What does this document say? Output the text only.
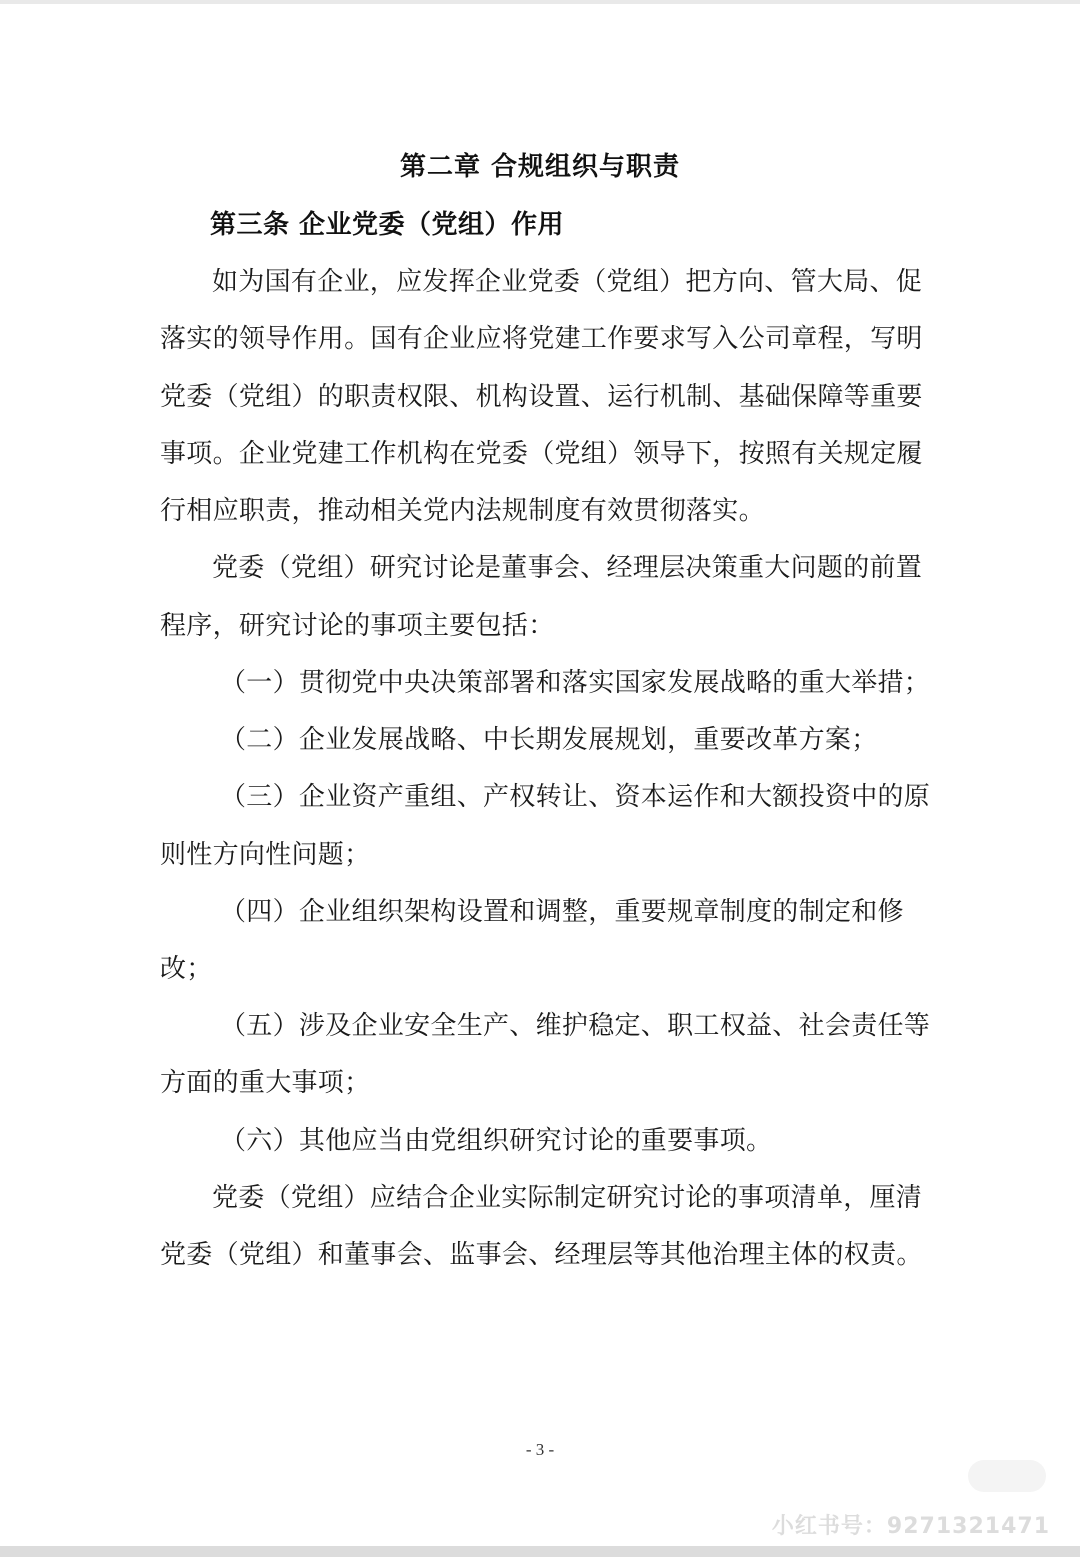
第二章 合规组织与职责
第三条 企业党委（党组）作用
如为国有企业，应发挥企业党委（党组）把方向、管大局、促
落实的领导作用。国有企业应将党建工作要求写入公司章程，写明
党委（党组）的职责权限、机构设置、运行机制、基础保障等重要
事项。企业党建工作机构在党委（党组）领导下，按照有关规定履
行相应职责，推动相关党内法规制度有效贯彻落实。
党委（党组）研究讨论是董事会、经理层决策重大问题的前置
程序，研究讨论的事项主要包括：
（一）贯彻党中央决策部署和落实国家发展战略的重大举措；
（二）企业发展战略、中长期发展规划，重要改革方案；
（三）企业资产重组、产权转让、资本运作和大额投资中的原
则性方向性问题；
（四）企业组织架构设置和调整，重要规章制度的制定和修
改；
（五）涉及企业安全生产、维护稳定、职工权益、社会责任等
方面的重大事项；
（六）其他应当由党组织研究讨论的重要事项。
党委（党组）应结合企业实际制定研究讨论的事项清单，厘清
党委（党组）和董事会、监事会、经理层等其他治理主体的权责。
- 3 -
小红书号：9271321471
